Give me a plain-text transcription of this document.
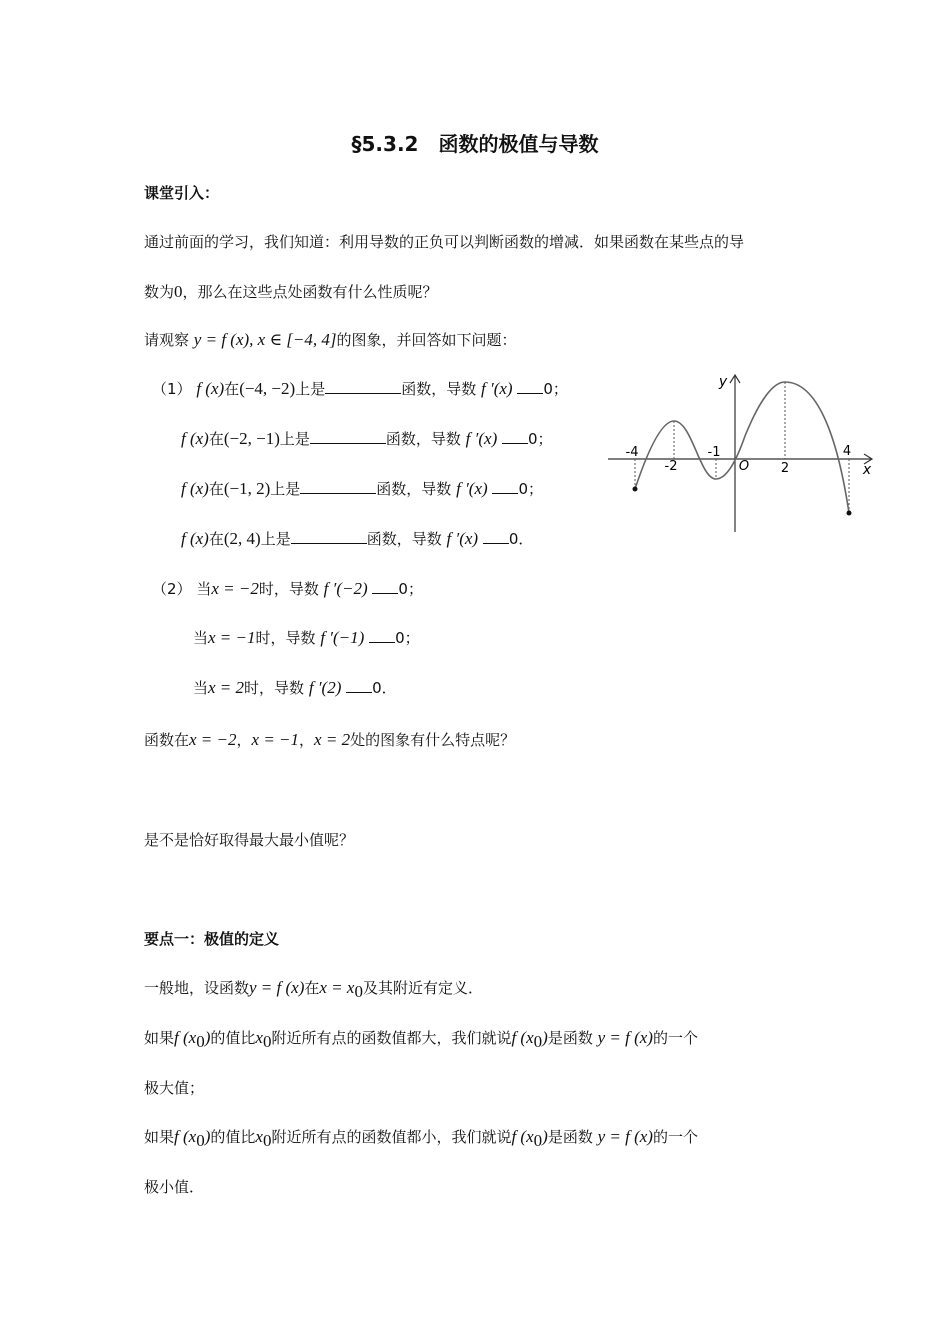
§5.3.2　函数的极值与导数
课堂引入：
通过前面的学习，我们知道：利用导数的正负可以判断函数的增减．如果函数在某些点的导
数为0，那么在这些点处函数有什么性质呢？
请观察 y = f (x), x ∈ [−4, 4]的图象，并回答如下问题：
（1） f (x)在(−4, −2)上是	函数，导数 f ′(x) 0；
f (x)在(−2, −1)上是	函数，导数 f ′(x) 0；
f (x)在(−1, 2)上是	函数，导数 f ′(x) 0；
f (x)在(2, 4)上是	函数，导数 f ′(x) 0．
（2） 当x = −2时，导数 f ′(−2) 0；
当x = −1时，导数 f ′(−1) 0；
当x = 2时，导数 f ′(2) 0．
函数在x = −2，x = −1，x = 2处的图象有什么特点呢？
是不是恰好取得最大最小值呢？
要点一：极值的定义
一般地，设函数y = f (x)在$x = x_0$及其附近有定义．
如果f $(x_0)$的值比$x_0$附近所有点的函数值都大，我们就说f $(x_0)$是函数 y = f (x)的一个
极大值；
如果f $(x_0)$的值比$x_0$附近所有点的函数值都小，我们就说f $(x_0)$是函数 y = f (x)的一个
极小值．
-4
-2
-1
2
4
O	x
y
